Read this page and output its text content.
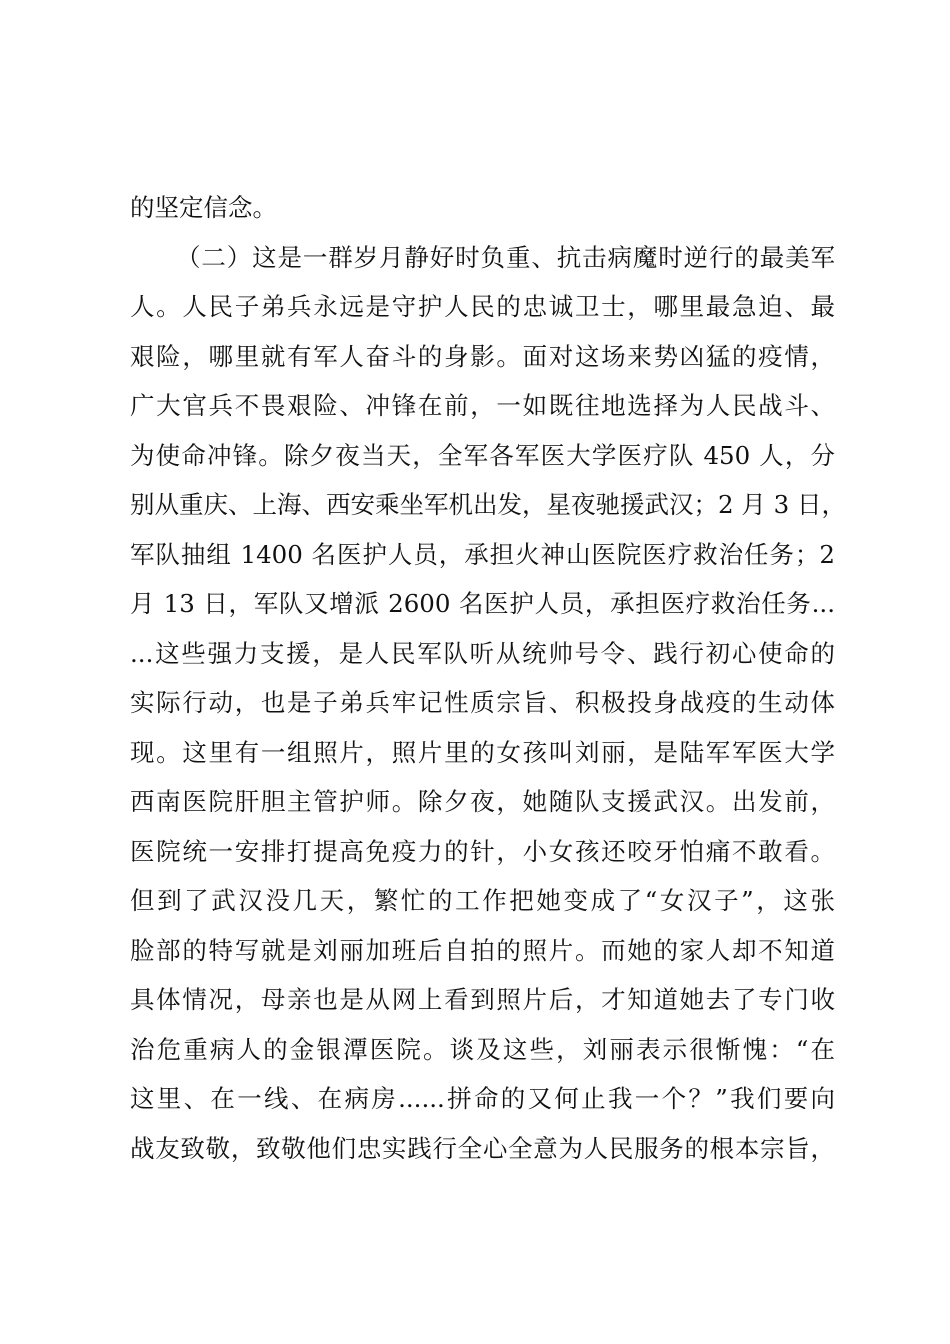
的坚定信念。
（二）这是一群岁月静好时负重、抗击病魔时逆行的最美军
人。人民子弟兵永远是守护人民的忠诚卫士，哪里最急迫、最
艰险，哪里就有军人奋斗的身影。面对这场来势凶猛的疫情，
广大官兵不畏艰险、冲锋在前，一如既往地选择为人民战斗、
为使命冲锋。除夕夜当天，全军各军医大学医疗队 450 人，分
别从重庆、上海、西安乘坐军机出发，星夜驰援武汉；2 月 3 日，
军队抽组 1400 名医护人员，承担火神山医院医疗救治任务；2
月 13 日，军队又增派 2600 名医护人员，承担医疗救治任务...
...这些强力支援，是人民军队听从统帅号令、践行初心使命的
实际行动，也是子弟兵牢记性质宗旨、积极投身战疫的生动体
现。这里有一组照片，照片里的女孩叫刘丽，是陆军军医大学
西南医院肝胆主管护师。除夕夜，她随队支援武汉。出发前，
医院统一安排打提高免疫力的针，小女孩还咬牙怕痛不敢看。
但到了武汉没几天，繁忙的工作把她变成了“女汉子”，这张
脸部的特写就是刘丽加班后自拍的照片。而她的家人却不知道
具体情况，母亲也是从网上看到照片后，才知道她去了专门收
治危重病人的金银潭医院。谈及这些，刘丽表示很惭愧：“在
这里、在一线、在病房......拼命的又何止我一个？”我们要向
战友致敬，致敬他们忠实践行全心全意为人民服务的根本宗旨，
